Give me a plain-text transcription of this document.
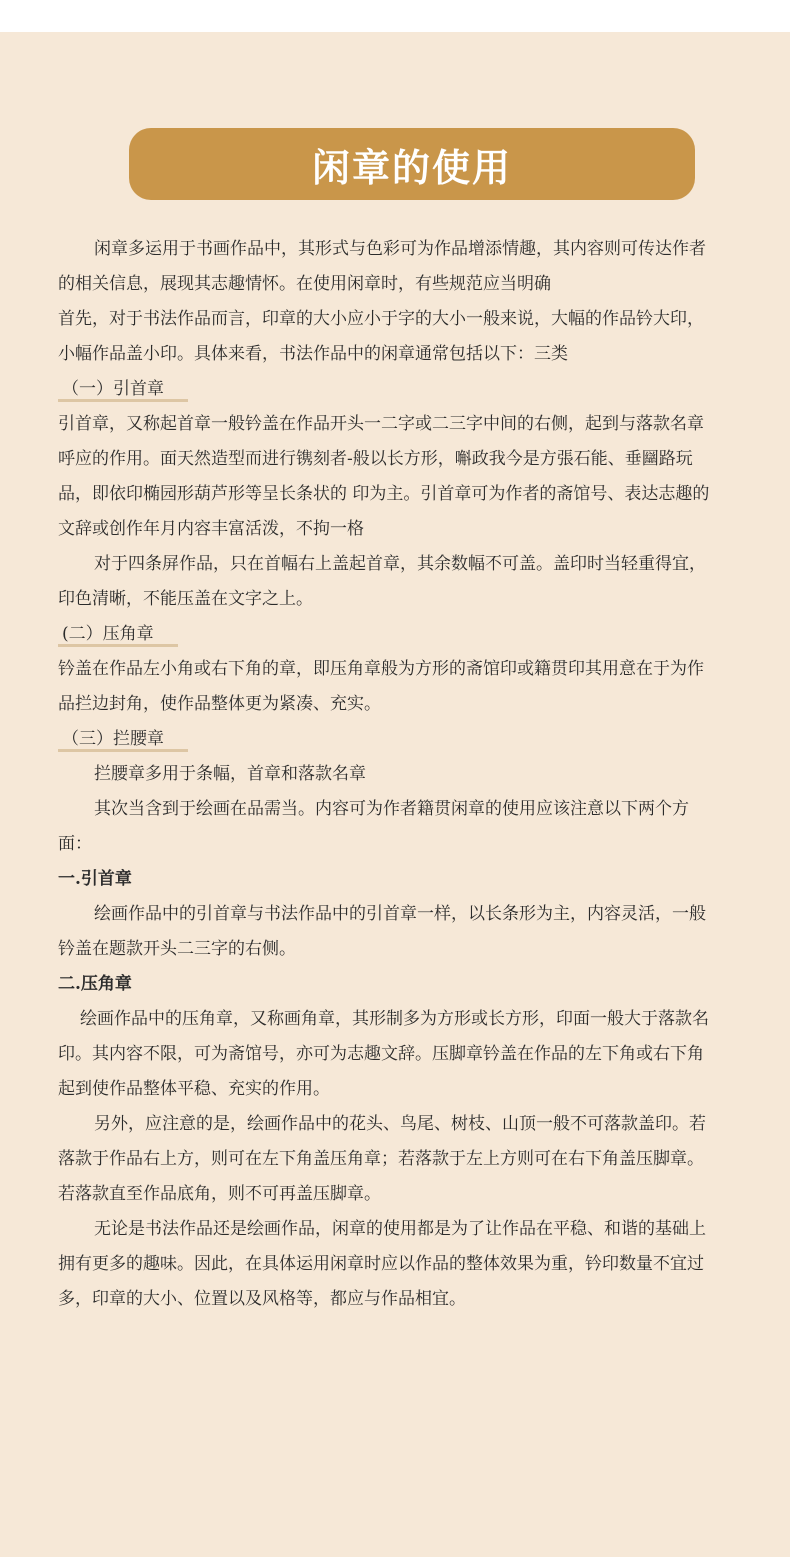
闲章的使用

闲章多运用于书画作品中，其形式与色彩可为作品增添情趣，其内容则可传达作者的相关信息，展现其志趣情怀。在使用闲章时，有些规范应当明确

首先，对于书法作品而言，印章的大小应小于字的大小一般来说，大幅的作品钤大印，小幅作品盖小印。具体来看，书法作品中的闲章通常包括以下：三类

（一）引首章

引首章，又称起首章一般钤盖在作品开头一二字或二三字中间的右侧，起到与落款名章呼应的作用。面天然造型而进行镌刻者-般以长方形，嘝政我今是方張石能、垂圝路玩品，即依印椭园形葫芦形等呈长条状的 印为主。引首章可为作者的斋馆号、表达志趣的文辞或创作年月内容丰富活泼，不拘一格

对于四条屏作品，只在首幅右上盖起首章，其余数幅不可盖。盖印时当轻重得宜，印色清晰，不能压盖在文字之上。

(二）压角章

钤盖在作品左小角或右下角的章，即压角章般为方形的斋馆印或籍贯印其用意在于为作品拦边封角，使作品整体更为紧凑、充实。

（三）拦腰章

拦腰章多用于条幅，首章和落款名章

其次当含到于绘画在品需当。内容可为作者籍贯闲章的使用应该注意以下两个方面：

一.引首章

绘画作品中的引首章与书法作品中的引首章一样，以长条形为主，内容灵活，一般钤盖在题款开头二三字的右侧。

二.压角章

绘画作品中的压角章，又称画角章，其形制多为方形或长方形，印面一般大于落款名印。其内容不限，可为斋馆号，亦可为志趣文辞。压脚章钤盖在作品的左下角或右下角起到使作品整体平稳、充实的作用。

另外，应注意的是，绘画作品中的花头、鸟尾、树枝、山顶一般不可落款盖印。若落款于作品右上方，则可在左下角盖压角章；若落款于左上方则可在右下角盖压脚章。若落款直至作品底角，则不可再盖压脚章。

无论是书法作品还是绘画作品，闲章的使用都是为了让作品在平稳、和谐的基础上拥有更多的趣味。因此，在具体运用闲章时应以作品的整体效果为重，钤印数量不宜过多，印章的大小、位置以及风格等，都应与作品相宜。
